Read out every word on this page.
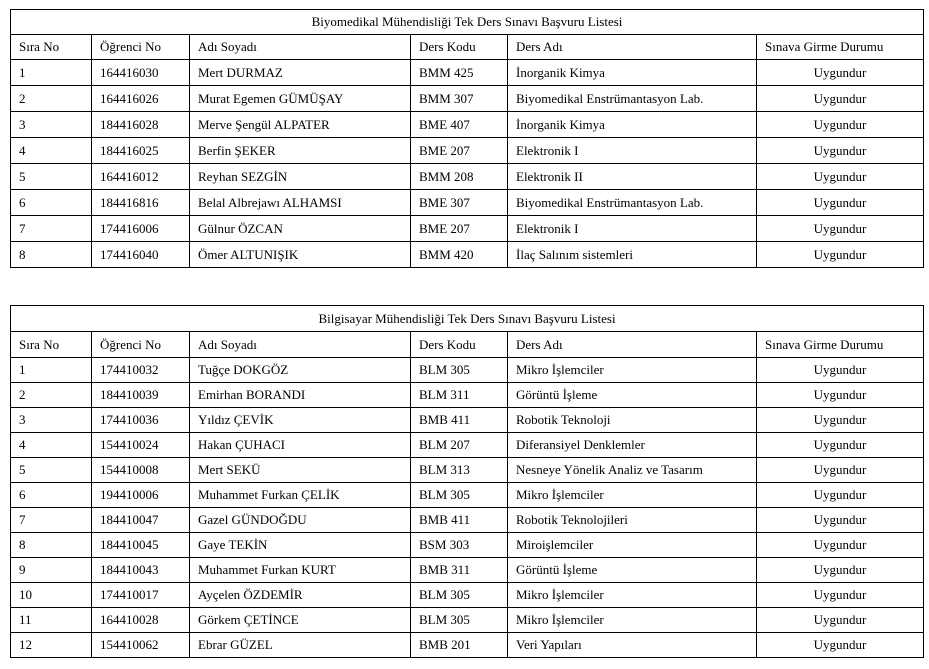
Biyomedikal Mühendisliği Tek Ders Sınavı Başvuru Listesi					
Sıra No	Öğrenci No	Adı Soyadı	Ders Kodu	Ders Adı	Sınava Girme Durumu
1	164416030	Mert DURMAZ	BMM 425	İnorganik Kimya	Uygundur
2	164416026	Murat Egemen GÜMÜŞAY	BMM 307	Biyomedikal Enstrümantasyon Lab.	Uygundur
3	184416028	Merve Şengül ALPATER	BME 407	İnorganik Kimya	Uygundur
4	184416025	Berfin ŞEKER	BME 207	Elektronik I	Uygundur
5	164416012	Reyhan SEZGİN	BMM 208	Elektronik II	Uygundur
6	184416816	Belal Albrejawı ALHAMSI	BME 307	Biyomedikal Enstrümantasyon Lab.	Uygundur
7	174416006	Gülnur ÖZCAN	BME 207	Elektronik I	Uygundur
8	174416040	Ömer ALTUNIŞIK	BMM 420	İlaç Salınım sistemleri	Uygundur
Bilgisayar Mühendisliği Tek Ders Sınavı Başvuru Listesi					
Sıra No	Öğrenci No	Adı Soyadı	Ders Kodu	Ders Adı	Sınava Girme Durumu
1	174410032	Tuğçe DOKGÖZ	BLM 305	Mikro İşlemciler	Uygundur
2	184410039	Emirhan BORANDI	BLM 311	Görüntü İşleme	Uygundur
3	174410036	Yıldız ÇEVİK	BMB 411	Robotik Teknoloji	Uygundur
4	154410024	Hakan ÇUHACI	BLM 207	Diferansiyel Denklemler	Uygundur
5	154410008	Mert SEKÜ	BLM 313	Nesneye Yönelik Analiz ve Tasarım	Uygundur
6	194410006	Muhammet Furkan ÇELİK	BLM 305	Mikro İşlemciler	Uygundur
7	184410047	Gazel GÜNDOĞDU	BMB 411	Robotik Teknolojileri	Uygundur
8	184410045	Gaye TEKİN	BSM 303	Miroişlemciler	Uygundur
9	184410043	Muhammet Furkan KURT	BMB 311	Görüntü İşleme	Uygundur
10	174410017	Ayçelen ÖZDEMİR	BLM 305	Mikro İşlemciler	Uygundur
11	164410028	Görkem ÇETİNCE	BLM 305	Mikro İşlemciler	Uygundur
12	154410062	Ebrar GÜZEL	BMB 201	Veri Yapıları	Uygundur
